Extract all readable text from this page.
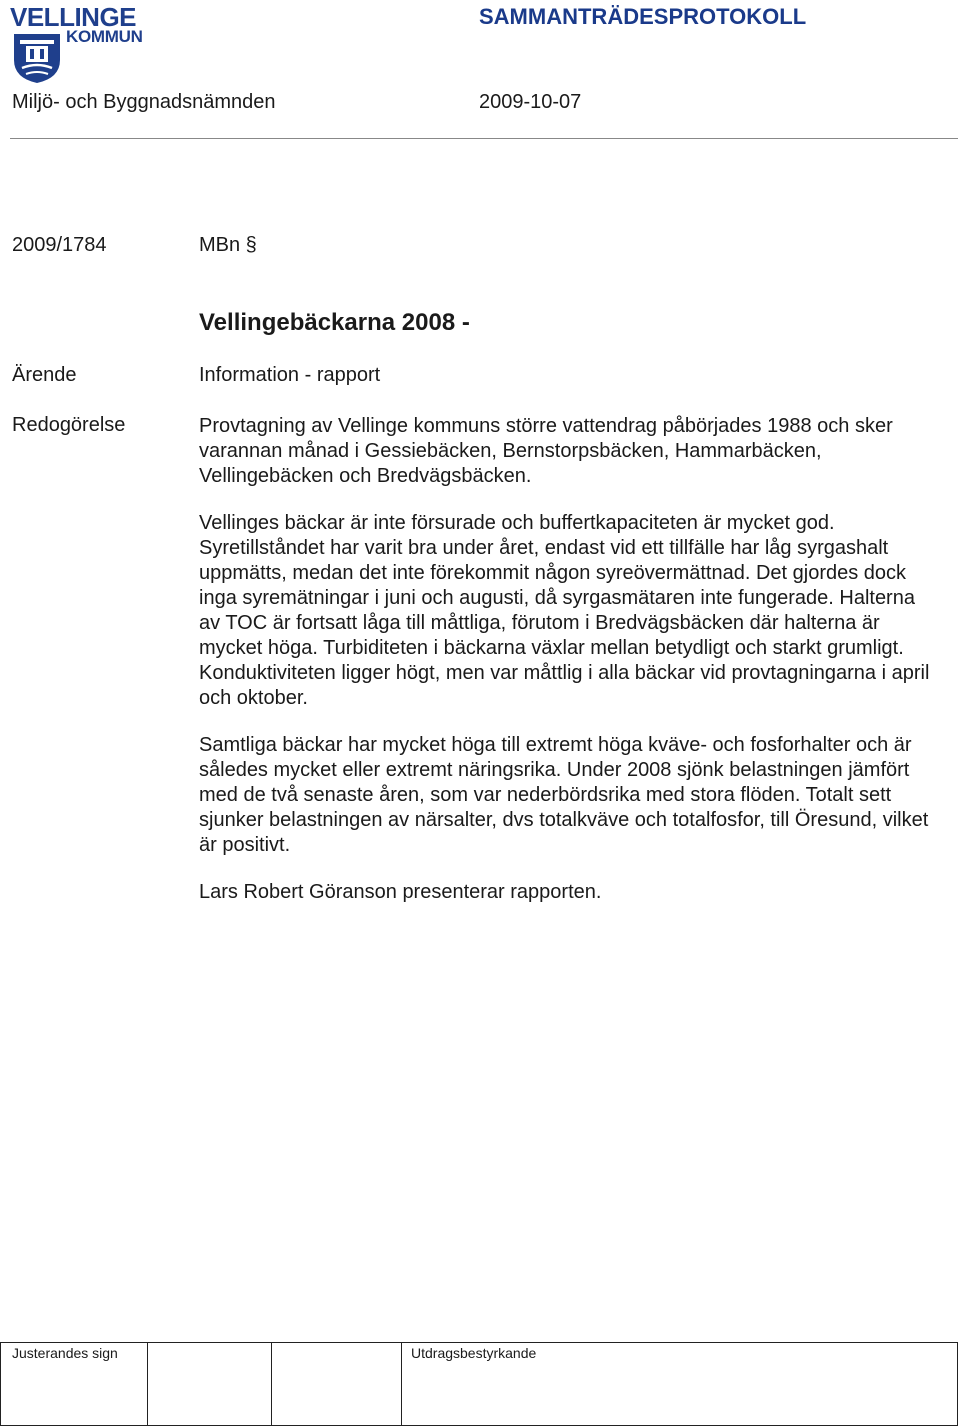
VELLINGE
KOMMUN
SAMMANTRÄDESPROTOKOLL
Miljö- och Byggnadsnämnden	2009-10-07
2009/1784	MBn §
Vellingebäckarna 2008 -
Ärende	Information - rapport
Redogörelse	Provtagning av Vellinge kommuns större vattendrag påbörjades 1988 och sker varannan månad i Gessiebäcken, Bernstorpsbäcken, Hammarbäcken, Vellingebäcken och Bredvägsbäcken.

Vellinges bäckar är inte försurade och buffertkapaciteten är mycket god. Syretillståndet har varit bra under året, endast vid ett tillfälle har låg syrgashalt uppmätts, medan det inte förekommit någon syreövermättnad. Det gjordes dock inga syremätningar i juni och augusti, då syrgasmätaren inte fungerade. Halterna av TOC är fortsatt låga till måttliga, förutom i Bredvägsbäcken där halterna är mycket höga. Turbiditeten i bäckarna växlar mellan betydligt och starkt grumligt. Konduktiviteten ligger högt, men var måttlig i alla bäckar vid provtagningarna i april och oktober.

Samtliga bäckar har mycket höga till extremt höga kväve- och fosforhalter och är således mycket eller extremt näringsrika. Under 2008 sjönk belastningen jämfört med de två senaste åren, som var nederbördsrika med stora flöden. Totalt sett sjunker belastningen av närsalter, dvs totalkväve och totalfosfor, till Öresund, vilket är positivt.

Lars Robert Göranson presenterar rapporten.

Justerandes sign	Utdragsbestyrkande
